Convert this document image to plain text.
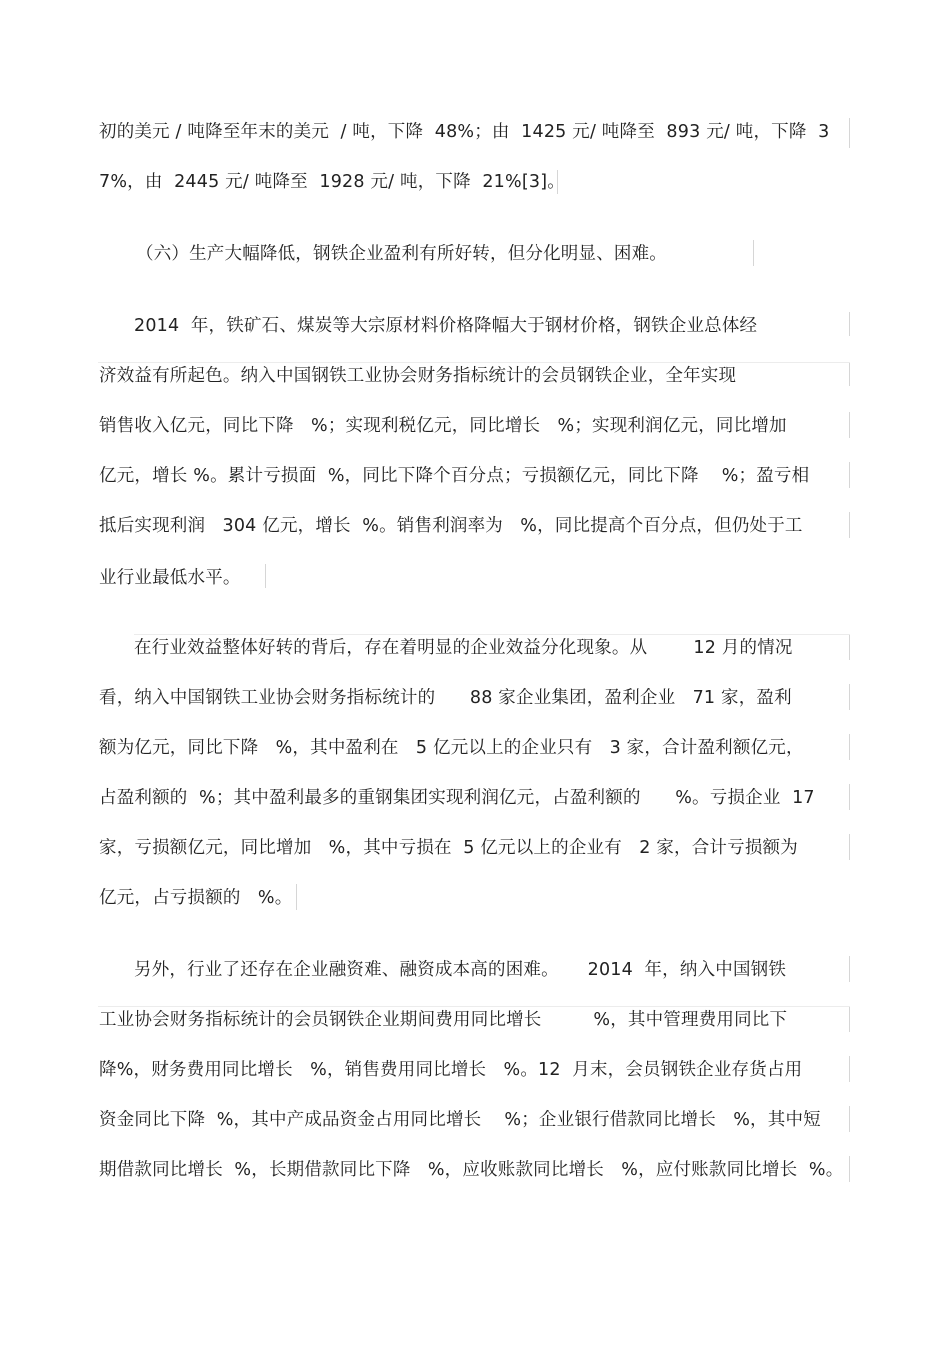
初的美元 / 吨降至年末的美元  / 吨，下降  48%；由  1425 元/ 吨降至  893 元/ 吨，下降  3
7%，由  2445 元/ 吨降至  1928 元/ 吨，下降  21%[3]。
（六）生产大幅降低，钢铁企业盈利有所好转，但分化明显、困难。
2014  年，铁矿石、煤炭等大宗原材料价格降幅大于钢材价格，钢铁企业总体经
济效益有所起色。纳入中国钢铁工业协会财务指标统计的会员钢铁企业，全年实现
销售收入亿元，同比下降   %；实现利税亿元，同比增长   %；实现利润亿元，同比增加
亿元，增长 %。累计亏损面  %，同比下降个百分点；亏损额亿元，同比下降    %；盈亏相
抵后实现利润   304 亿元，增长  %。销售利润率为   %，同比提高个百分点，但仍处于工
业行业最低水平。
在行业效益整体好转的背后，存在着明显的企业效益分化现象。从        12 月的情况
看，纳入中国钢铁工业协会财务指标统计的      88 家企业集团，盈利企业   71 家，盈利
额为亿元，同比下降   %，其中盈利在   5 亿元以上的企业只有   3 家，合计盈利额亿元，
占盈利额的  %；其中盈利最多的重钢集团实现利润亿元，占盈利额的      %。亏损企业  17
家，亏损额亿元，同比增加   %，其中亏损在  5 亿元以上的企业有   2 家，合计亏损额为
亿元，占亏损额的   %。
另外，行业了还存在企业融资难、融资成本高的困难。     2014  年，纳入中国钢铁
工业协会财务指标统计的会员钢铁企业期间费用同比增长         %，其中管理费用同比下
降%，财务费用同比增长   %，销售费用同比增长   %。12  月末，会员钢铁企业存货占用
资金同比下降  %，其中产成品资金占用同比增长    %；企业银行借款同比增长   %，其中短
期借款同比增长  %，长期借款同比下降   %，应收账款同比增长   %，应付账款同比增长  %。
